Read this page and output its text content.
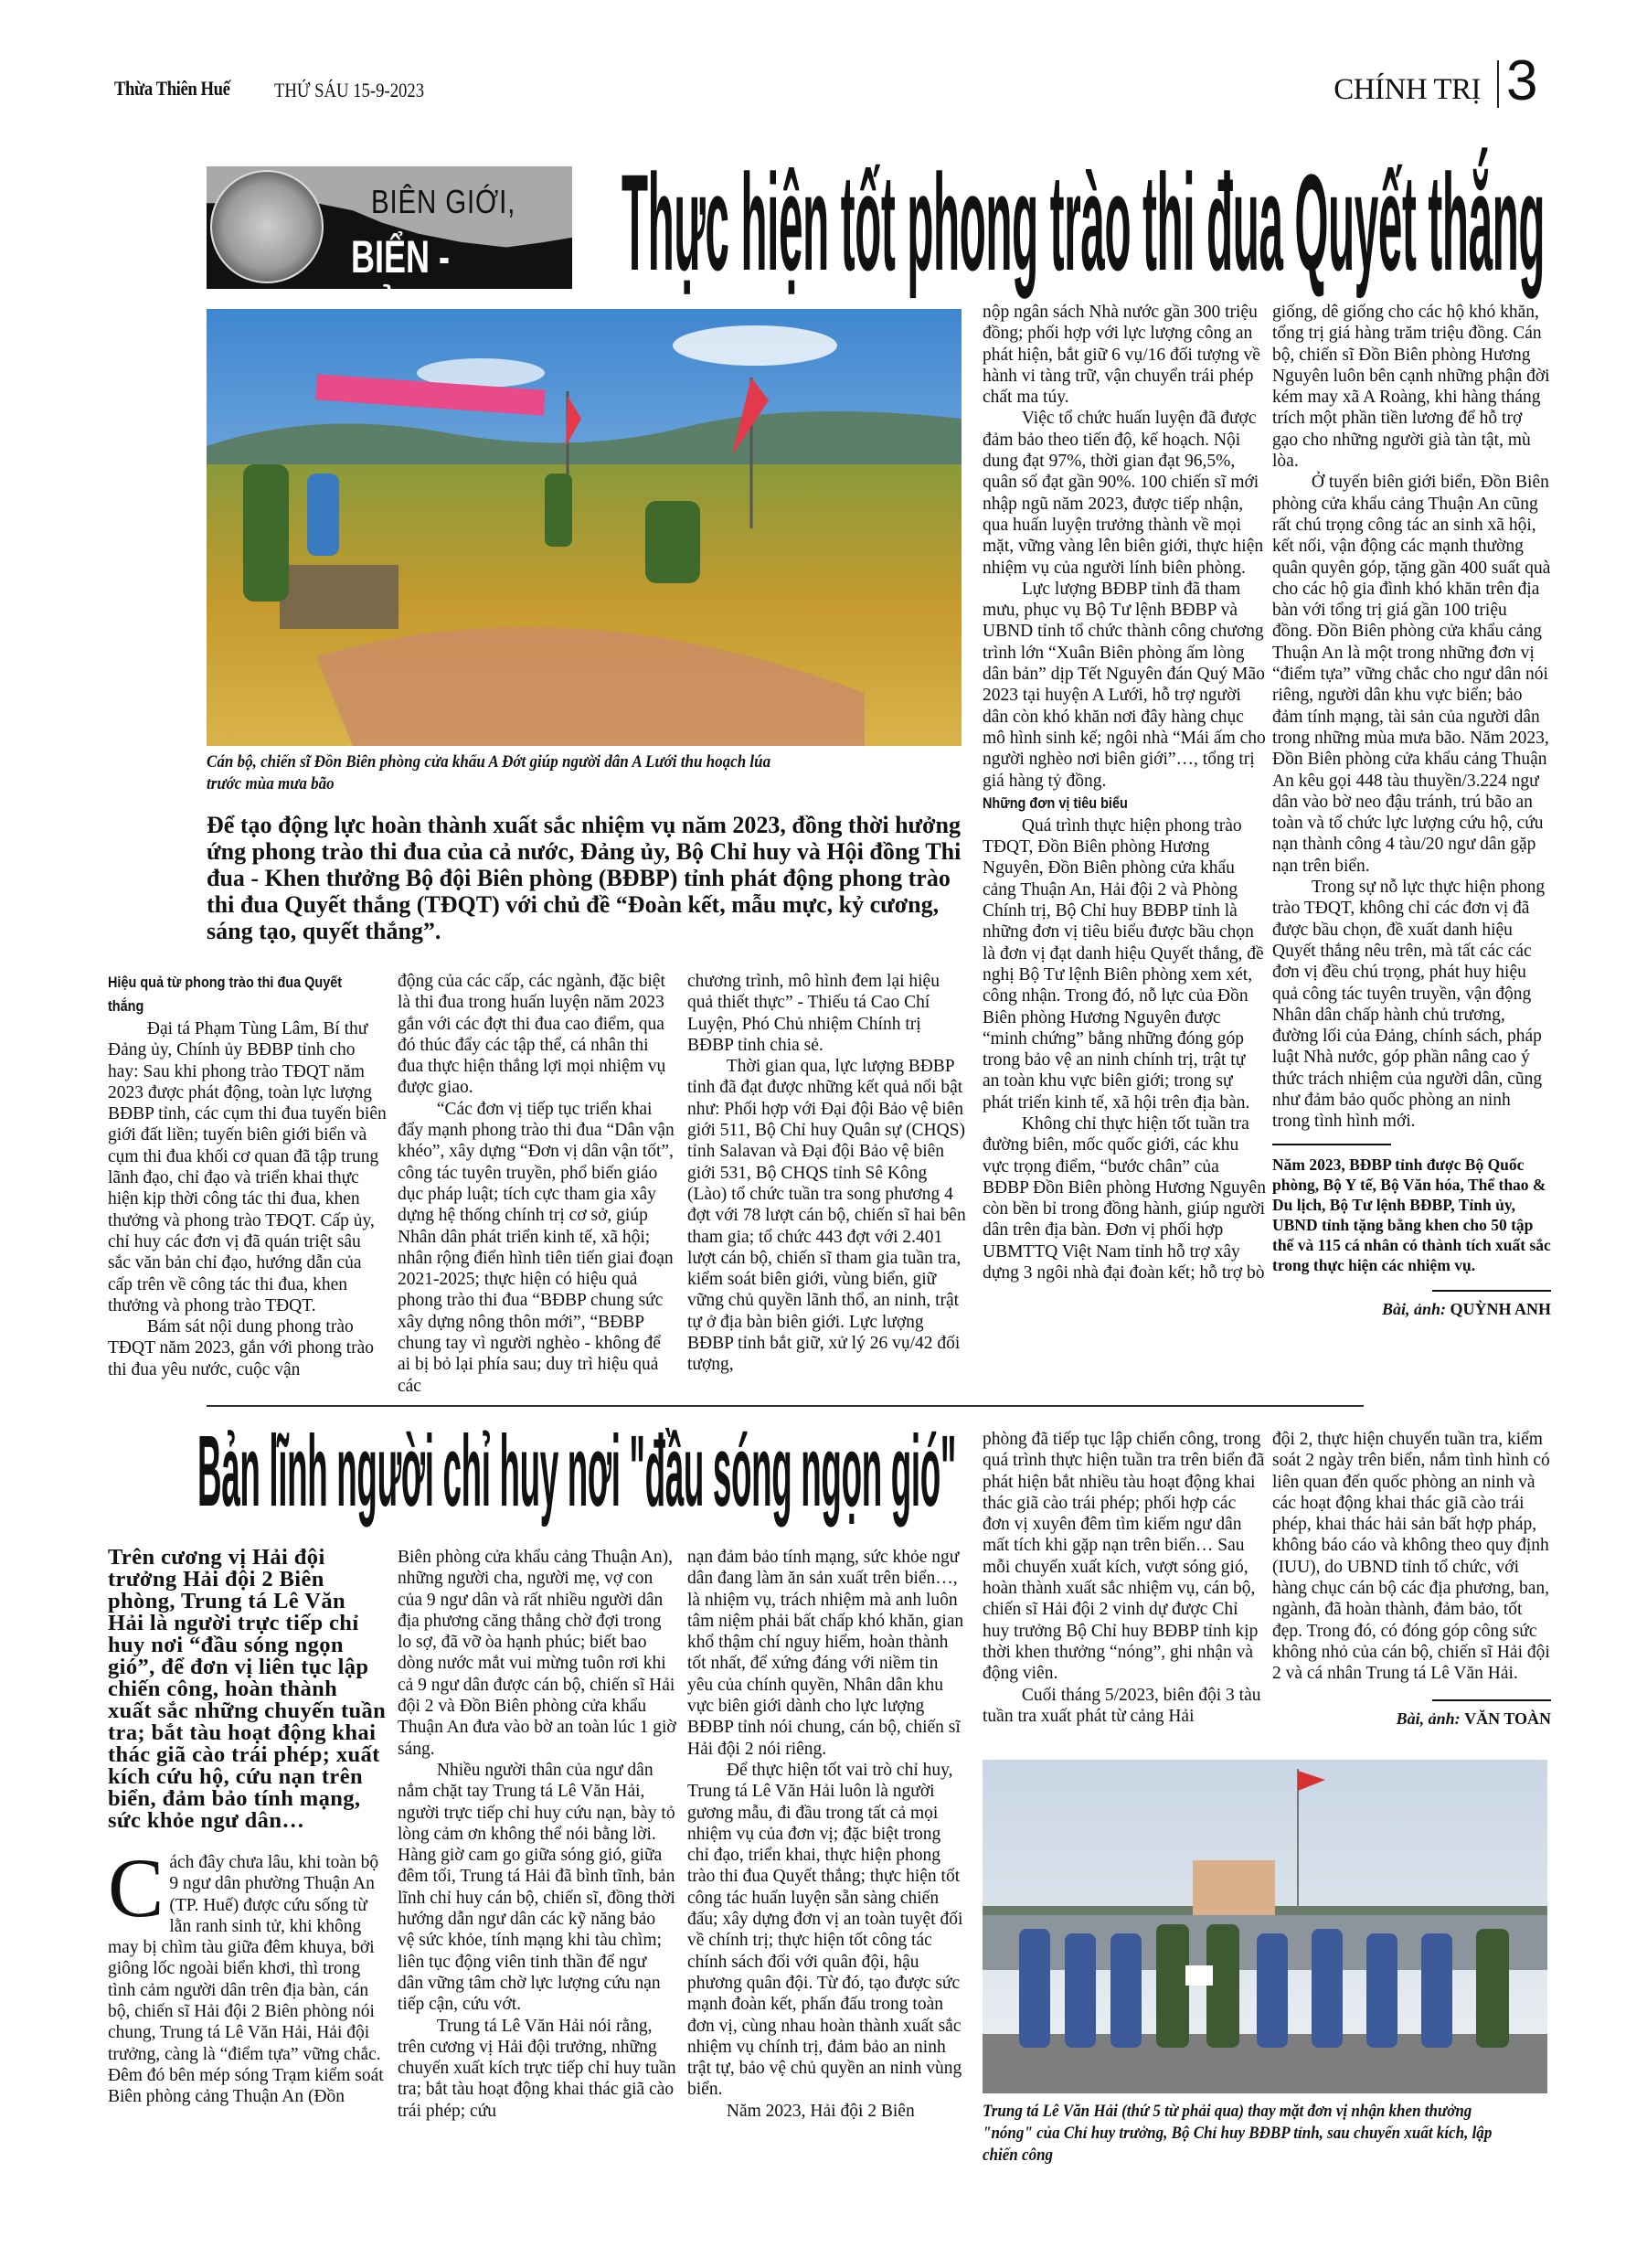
Thừa Thiên Huế THỨ SÁU 15-9-2023	CHÍNH TRỊ 3
BIÊN GIỚI,
BIỂN -	Thực hiện tốt phong trào thi đua Quyết thắng
Cán bộ, chiến sĩ Đồn Biên phòng cửa khẩu A Đớt giúp người dân A Lưới thu hoạch lúa trước mùa mưa bão
Để tạo động lực hoàn thành xuất sắc nhiệm vụ năm 2023, đồng thời hưởng ứng phong trào thi đua của cả nước, Đảng ủy, Bộ Chỉ huy và Hội đồng Thi đua - Khen thưởng Bộ đội Biên phòng (BĐBP) tỉnh phát động phong trào thi đua Quyết thắng (TĐQT) với chủ đề “Đoàn kết, mẫu mực, kỷ cương, sáng tạo, quyết thắng”.
Hiệu quả từ phong trào thi đua Quyết thắng

Đại tá Phạm Tùng Lâm, Bí thư Đảng ủy, Chính ủy BĐBP tỉnh cho hay: Sau khi phong trào TĐQT năm 2023 được phát động, toàn lực lượng BĐBP tỉnh, các cụm thi đua tuyến biên giới đất liền; tuyến biên giới biển và cụm thi đua khối cơ quan đã tập trung lãnh đạo, chỉ đạo và triển khai thực hiện kịp thời công tác thi đua, khen thưởng và phong trào TĐQT. Cấp ủy, chỉ huy các đơn vị đã quán triệt sâu sắc văn bản chỉ đạo, hướng dẫn của cấp trên về công tác thi đua, khen thưởng và phong trào TĐQT.

Bám sát nội dung phong trào TĐQT năm 2023, gắn với phong trào thi đua yêu nước, cuộc vận

động của các cấp, các ngành, đặc biệt là thi đua trong huấn luyện năm 2023 gắn với các đợt thi đua cao điểm, qua đó thúc đẩy các tập thể, cá nhân thi đua thực hiện thắng lợi mọi nhiệm vụ được giao.

“Các đơn vị tiếp tục triển khai đẩy mạnh phong trào thi đua “Dân vận khéo”, xây dựng “Đơn vị dân vận tốt”, công tác tuyên truyền, phổ biến giáo dục pháp luật; tích cực tham gia xây dựng hệ thống chính trị cơ sở, giúp Nhân dân phát triển kinh tế, xã hội; nhân rộng điển hình tiên tiến giai đoạn 2021-2025; thực hiện có hiệu quả phong trào thi đua “BĐBP chung sức xây dựng nông thôn mới”, “BĐBP chung tay vì người nghèo - không để ai bị bỏ lại phía sau; duy trì hiệu quả các

chương trình, mô hình đem lại hiệu quả thiết thực” - Thiếu tá Cao Chí Luyện, Phó Chủ nhiệm Chính trị BĐBP tỉnh chia sẻ.

Thời gian qua, lực lượng BĐBP tỉnh đã đạt được những kết quả nổi bật như: Phối hợp với Đại đội Bảo vệ biên giới 511, Bộ Chỉ huy Quân sự (CHQS) tỉnh Salavan và Đại đội Bảo vệ biên giới 531, Bộ CHQS tỉnh Sê Kông (Lào) tổ chức tuần tra song phương 4 đợt với 78 lượt cán bộ, chiến sĩ hai bên tham gia; tổ chức 443 đợt với 2.401 lượt cán bộ, chiến sĩ tham gia tuần tra, kiểm soát biên giới, vùng biển, giữ vững chủ quyền lãnh thổ, an ninh, trật tự ở địa bàn biên giới. Lực lượng BĐBP tỉnh bắt giữ, xử lý 26 vụ/42 đối tượng,

nộp ngân sách Nhà nước gần 300 triệu đồng; phối hợp với lực lượng công an phát hiện, bắt giữ 6 vụ/16 đối tượng về hành vi tàng trữ, vận chuyển trái phép chất ma túy.

Việc tổ chức huấn luyện đã được đảm bảo theo tiến độ, kế hoạch. Nội dung đạt 97%, thời gian đạt 96,5%, quân số đạt gần 90%. 100 chiến sĩ mới nhập ngũ năm 2023, được tiếp nhận, qua huấn luyện trưởng thành về mọi mặt, vững vàng lên biên giới, thực hiện nhiệm vụ của người lính biên phòng.

Lực lượng BĐBP tỉnh đã tham mưu, phục vụ Bộ Tư lệnh BĐBP và UBND tỉnh tổ chức thành công chương trình lớn “Xuân Biên phòng ấm lòng dân bản” dịp Tết Nguyên đán Quý Mão 2023 tại huyện A Lưới, hỗ trợ người dân còn khó khăn nơi đây hàng chục mô hình sinh kế; ngôi nhà “Mái ấm cho người nghèo nơi biên giới”…, tổng trị giá hàng tỷ đồng.

Những đơn vị tiêu biểu

Quá trình thực hiện phong trào TĐQT, Đồn Biên phòng Hương Nguyên, Đồn Biên phòng cửa khẩu cảng Thuận An, Hải đội 2 và Phòng Chính trị, Bộ Chỉ huy BĐBP tỉnh là những đơn vị tiêu biểu được bầu chọn là đơn vị đạt danh hiệu Quyết thắng, đề nghị Bộ Tư lệnh Biên phòng xem xét, công nhận. Trong đó, nỗ lực của Đồn Biên phòng Hương Nguyên được “minh chứng” bằng những đóng góp trong bảo vệ an ninh chính trị, trật tự an toàn khu vực biên giới; trong sự phát triển kinh tế, xã hội trên địa bàn.

Không chỉ thực hiện tốt tuần tra đường biên, mốc quốc giới, các khu vực trọng điểm, “bước chân” của BĐBP Đồn Biên phòng Hương Nguyên còn bền bỉ trong đồng hành, giúp người dân trên địa bàn. Đơn vị phối hợp UBMTTQ Việt Nam tỉnh hỗ trợ xây dựng 3 ngôi nhà đại đoàn kết; hỗ trợ bò

giống, dê giống cho các hộ khó khăn, tổng trị giá hàng trăm triệu đồng. Cán bộ, chiến sĩ Đồn Biên phòng Hương Nguyên luôn bên cạnh những phận đời kém may xã A Roàng, khi hàng tháng trích một phần tiền lương để hỗ trợ gạo cho những người già tàn tật, mù lòa.

Ở tuyến biên giới biển, Đồn Biên phòng cửa khẩu cảng Thuận An cũng rất chú trọng công tác an sinh xã hội, kết nối, vận động các mạnh thường quân quyên góp, tặng gần 400 suất quà cho các hộ gia đình khó khăn trên địa bàn với tổng trị giá gần 100 triệu đồng. Đồn Biên phòng cửa khẩu cảng Thuận An là một trong những đơn vị “điểm tựa” vững chắc cho ngư dân nói riêng, người dân khu vực biển; bảo đảm tính mạng, tài sản của người dân trong những mùa mưa bão. Năm 2023, Đồn Biên phòng cửa khẩu cảng Thuận An kêu gọi 448 tàu thuyền/3.224 ngư dân vào bờ neo đậu tránh, trú bão an toàn và tổ chức lực lượng cứu hộ, cứu nạn thành công 4 tàu/20 ngư dân gặp nạn trên biển.

Trong sự nỗ lực thực hiện phong trào TĐQT, không chỉ các đơn vị đã được bầu chọn, đề xuất danh hiệu Quyết thắng nêu trên, mà tất các các đơn vị đều chú trọng, phát huy hiệu quả công tác tuyên truyền, vận động Nhân dân chấp hành chủ trương, đường lối của Đảng, chính sách, pháp luật Nhà nước, góp phần nâng cao ý thức trách nhiệm của người dân, cũng như đảm bảo quốc phòng an ninh trong tình hình mới.

Năm 2023, BĐBP tỉnh được Bộ Quốc phòng, Bộ Y tế, Bộ Văn hóa, Thể thao & Du lịch, Bộ Tư lệnh BĐBP, Tỉnh ủy, UBND tỉnh tặng bằng khen cho 50 tập thể và 115 cá nhân có thành tích xuất sắc trong thực hiện các nhiệm vụ.
Bài, ảnh: QUỲNH ANH
Bản lĩnh người chỉ huy nơi "đầu sóng ngọn gió"
Trên cương vị Hải đội trưởng Hải đội 2 Biên phòng, Trung tá Lê Văn Hải là người trực tiếp chỉ huy nơi “đầu sóng ngọn gió”, để đơn vị liên tục lập chiến công, hoàn thành xuất sắc những chuyến tuần tra; bắt tàu hoạt động khai thác giã cào trái phép; xuất kích cứu hộ, cứu nạn trên biển, đảm bảo tính mạng, sức khỏe ngư dân…

Cách đây chưa lâu, khi toàn bộ 9 ngư dân phường Thuận An (TP. Huế) được cứu sống từ lằn ranh sinh tử, khi không may bị chìm tàu giữa đêm khuya, bởi giông lốc ngoài biển khơi, thì trong tình cảm người dân trên địa bàn, cán bộ, chiến sĩ Hải đội 2 Biên phòng nói chung, Trung tá Lê Văn Hải, Hải đội trưởng, càng là “điểm tựa” vững chắc. Đêm đó bên mép sóng Trạm kiểm soát Biên phòng cảng Thuận An (Đồn

Biên phòng cửa khẩu cảng Thuận An), những người cha, người mẹ, vợ con của 9 ngư dân và rất nhiều người dân địa phương căng thẳng chờ đợi trong lo sợ, đã vỡ òa hạnh phúc; biết bao dòng nước mắt vui mừng tuôn rơi khi cả 9 ngư dân được cán bộ, chiến sĩ Hải đội 2 và Đồn Biên phòng cửa khẩu Thuận An đưa vào bờ an toàn lúc 1 giờ sáng.

Nhiều người thân của ngư dân nắm chặt tay Trung tá Lê Văn Hải, người trực tiếp chỉ huy cứu nạn, bày tỏ lòng cảm ơn không thể nói bằng lời. Hàng giờ cam go giữa sóng gió, giữa đêm tối, Trung tá Hải đã bình tĩnh, bản lĩnh chỉ huy cán bộ, chiến sĩ, đồng thời hướng dẫn ngư dân các kỹ năng bảo vệ sức khỏe, tính mạng khi tàu chìm; liên tục động viên tinh thần để ngư dân vững tâm chờ lực lượng cứu nạn tiếp cận, cứu vớt.

Trung tá Lê Văn Hải nói rằng, trên cương vị Hải đội trưởng, những chuyến xuất kích trực tiếp chỉ huy tuần tra; bắt tàu hoạt động khai thác giã cào trái phép; cứu

nạn đảm bảo tính mạng, sức khỏe ngư dân đang làm ăn sản xuất trên biển…, là nhiệm vụ, trách nhiệm mà anh luôn tâm niệm phải bất chấp khó khăn, gian khổ thậm chí nguy hiểm, hoàn thành tốt nhất, để xứng đáng với niềm tin yêu của chính quyền, Nhân dân khu vực biên giới dành cho lực lượng BĐBP tỉnh nói chung, cán bộ, chiến sĩ Hải đội 2 nói riêng.

Để thực hiện tốt vai trò chỉ huy, Trung tá Lê Văn Hải luôn là người gương mẫu, đi đầu trong tất cả mọi nhiệm vụ của đơn vị; đặc biệt trong chỉ đạo, triển khai, thực hiện phong trào thi đua Quyết thắng; thực hiện tốt công tác huấn luyện sẵn sàng chiến đấu; xây dựng đơn vị an toàn tuyệt đối về chính trị; thực hiện tốt công tác chính sách đối với quân đội, hậu phương quân đội. Từ đó, tạo được sức mạnh đoàn kết, phấn đấu trong toàn đơn vị, cùng nhau hoàn thành xuất sắc nhiệm vụ chính trị, đảm bảo an ninh trật tự, bảo vệ chủ quyền an ninh vùng biển.

Năm 2023, Hải đội 2 Biên

phòng đã tiếp tục lập chiến công, trong quá trình thực hiện tuần tra trên biển đã phát hiện bắt nhiều tàu hoạt động khai thác giã cào trái phép; phối hợp các đơn vị xuyên đêm tìm kiếm ngư dân mất tích khi gặp nạn trên biển… Sau mỗi chuyến xuất kích, vượt sóng gió, hoàn thành xuất sắc nhiệm vụ, cán bộ, chiến sĩ Hải đội 2 vinh dự được Chỉ huy trưởng Bộ Chỉ huy BĐBP tỉnh kịp thời khen thưởng “nóng”, ghi nhận và động viên.

Cuối tháng 5/2023, biên đội 3 tàu tuần tra xuất phát từ cảng Hải

đội 2, thực hiện chuyến tuần tra, kiểm soát 2 ngày trên biển, nắm tình hình có liên quan đến quốc phòng an ninh và các hoạt động khai thác giã cào trái phép, khai thác hải sản bất hợp pháp, không báo cáo và không theo quy định (IUU), do UBND tỉnh tổ chức, với hàng chục cán bộ các địa phương, ban, ngành, đã hoàn thành, đảm bảo, tốt đẹp. Trong đó, có đóng góp công sức không nhỏ của cán bộ, chiến sĩ Hải đội 2 và cá nhân Trung tá Lê Văn Hải.

Bài, ảnh: VĂN TOÀN
Trung tá Lê Văn Hải (thứ 5 từ phải qua) thay mặt đơn vị nhận khen thưởng "nóng" của Chỉ huy trưởng, Bộ Chỉ huy BĐBP tỉnh, sau chuyến xuất kích, lập chiến công
